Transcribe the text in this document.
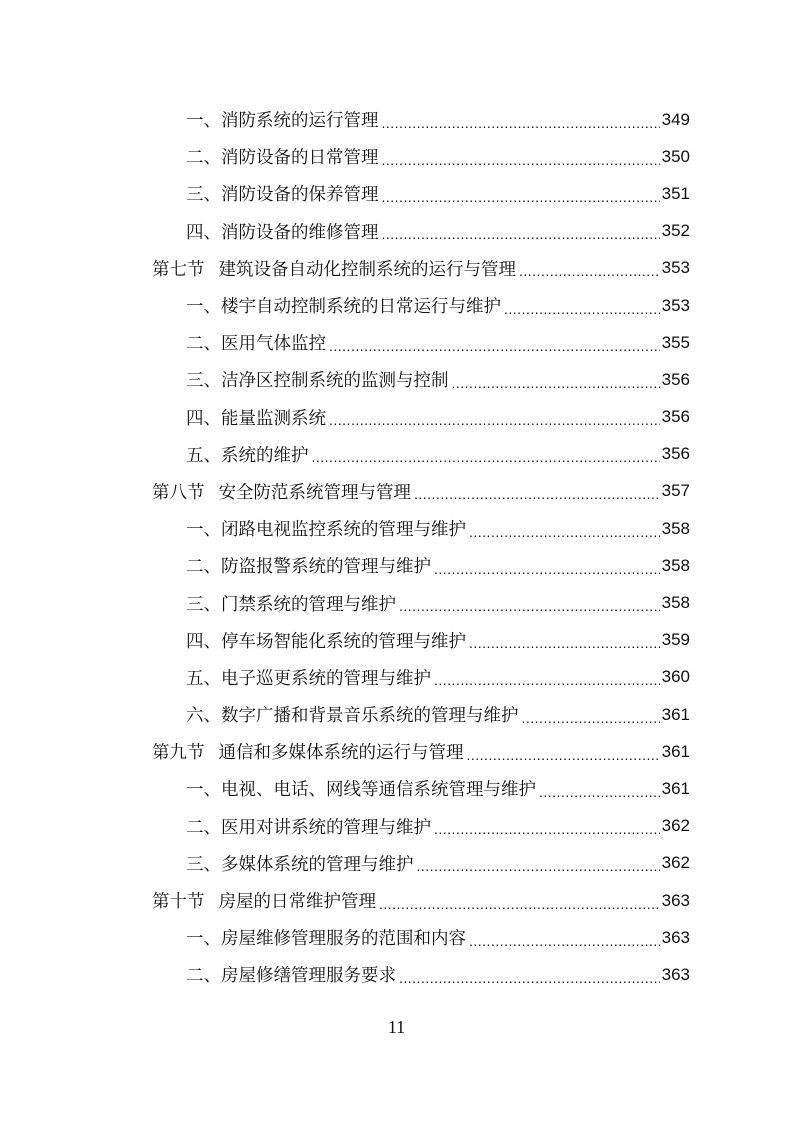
一、 消防系统的运行管理 .....	349
二、 消防设备的日常管理 .....	350
三、 消防设备的保养管理 .....	351
四、 消防设备的维修管理 .....	352
第七节 建筑设备自动化控制系统的运行与管理 .....	353
一、 楼宇自动控制系统的日常运行与维护 .....	353
二、 医用气体监控 .....	355
三、 洁净区控制系统的监测与控制 .....	356
四、 能量监测系统 .....	356
五、 系统的维护 .....	356
第八节 安全防范系统管理与管理 .....	357
一、 闭路电视监控系统的管理与维护 .....	358
二、 防盗报警系统的管理与维护 .....	358
三、 门禁系统的管理与维护 .....	358
四、 停车场智能化系统的管理与维护 .....	359
五、 电子巡更系统的管理与维护 .....	360
六、 数字广播和背景音乐系统的管理与维护 .....	361
第九节 通信和多媒体系统的运行与管理 .....	361
一、 电视、电话、网线等通信系统管理与维护 .....	361
二、 医用对讲系统的管理与维护 .....	362
三、 多媒体系统的管理与维护 .....	362
第十节 房屋的日常维护管理 .....	363
一、 房屋维修管理服务的范围和内容 .....	363
二、 房屋修缮管理服务要求 .....	363
11
